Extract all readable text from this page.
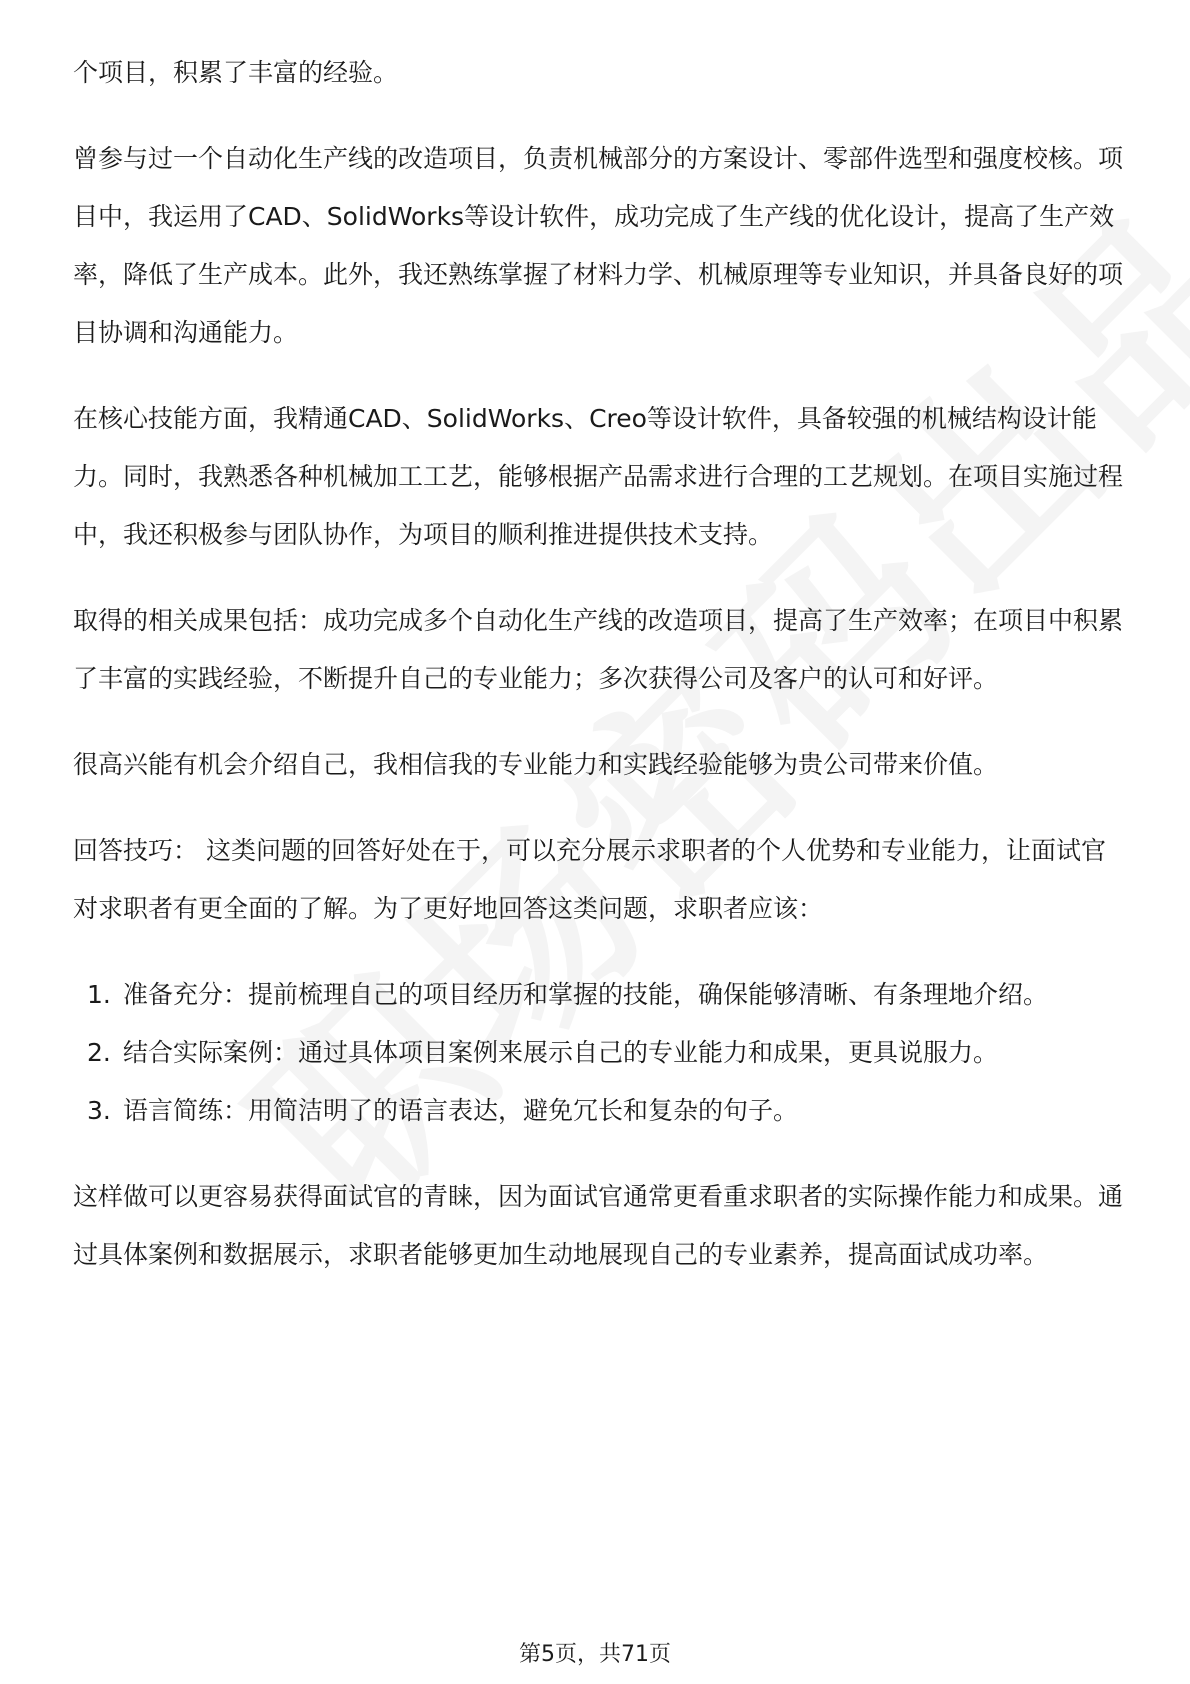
个项目，积累了丰富的经验。

曾参与过一个自动化生产线的改造项目，负责机械部分的方案设计、零部件选型和强度校核。项目中，我运用了CAD、SolidWorks等设计软件，成功完成了生产线的优化设计，提高了生产效率，降低了生产成本。此外，我还熟练掌握了材料力学、机械原理等专业知识，并具备良好的项目协调和沟通能力。

在核心技能方面，我精通CAD、SolidWorks、Creo等设计软件，具备较强的机械结构设计能力。同时，我熟悉各种机械加工工艺，能够根据产品需求进行合理的工艺规划。在项目实施过程中，我还积极参与团队协作，为项目的顺利推进提供技术支持。

取得的相关成果包括：成功完成多个自动化生产线的改造项目，提高了生产效率；在项目中积累了丰富的实践经验，不断提升自己的专业能力；多次获得公司及客户的认可和好评。

很高兴能有机会介绍自己，我相信我的专业能力和实践经验能够为贵公司带来价值。

回答技巧： 这类问题的回答好处在于，可以充分展示求职者的个人优势和专业能力，让面试官对求职者有更全面的了解。为了更好地回答这类问题，求职者应该：

1. 准备充分：提前梳理自己的项目经历和掌握的技能，确保能够清晰、有条理地介绍。
2. 结合实际案例：通过具体项目案例来展示自己的专业能力和成果，更具说服力。
3. 语言简练：用简洁明了的语言表达，避免冗长和复杂的句子。

这样做可以更容易获得面试官的青睐，因为面试官通常更看重求职者的实际操作能力和成果。通过具体案例和数据展示，求职者能够更加生动地展现自己的专业素养，提高面试成功率。

第5页，共71页
